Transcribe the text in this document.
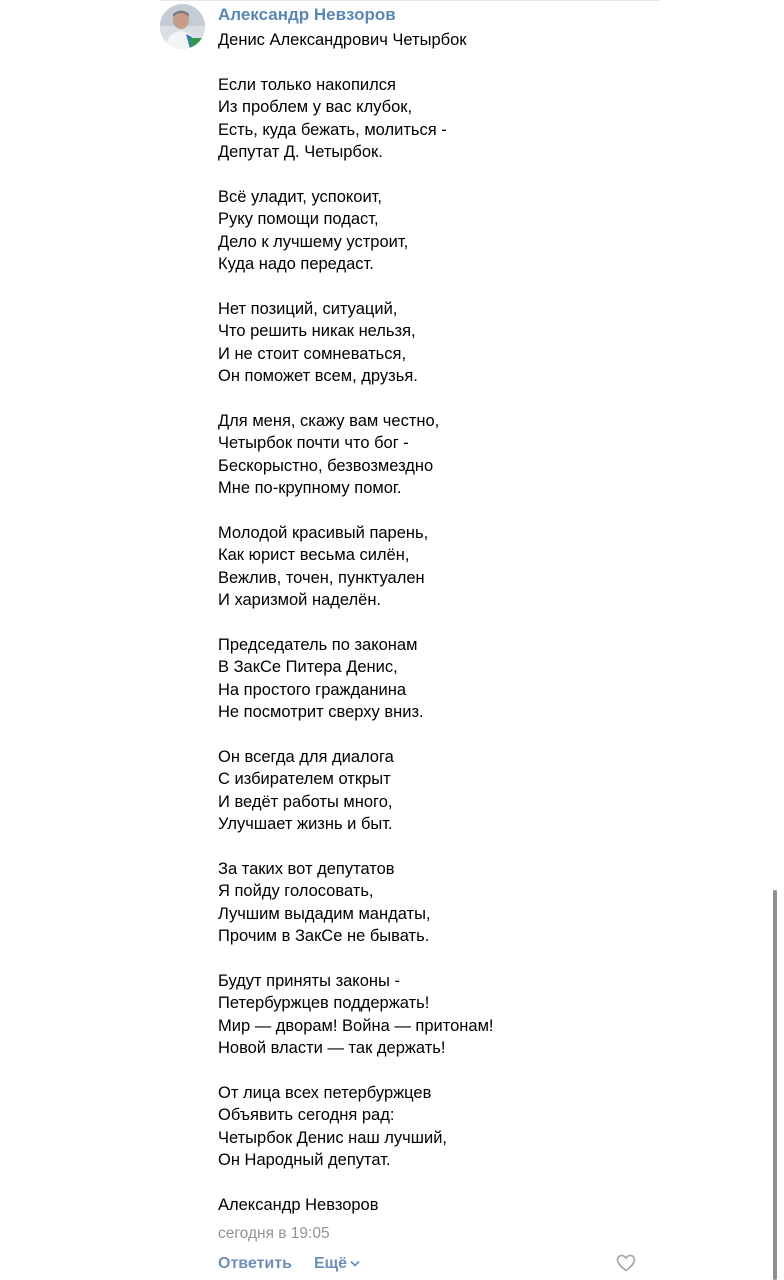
Александр Невзоров
Денис Александрович Четырбок
Если только накопился
Из проблем у вас клубок,
Есть, куда бежать, молиться -
Депутат Д. Четырбок.
Всё уладит, успокоит,
Руку помощи подаст,
Дело к лучшему устроит,
Куда надо передаст.
Нет позиций, ситуаций,
Что решить никак нельзя,
И не стоит сомневаться,
Он поможет всем, друзья.
Для меня, скажу вам честно,
Четырбок почти что бог -
Бескорыстно, безвозмездно
Мне по-крупному помог.
Молодой красивый парень,
Как юрист весьма силён,
Вежлив, точен, пунктуален
И харизмой наделён.
Председатель по законам
В ЗакСе Питера Денис,
На простого гражданина
Не посмотрит сверху вниз.
Он всегда для диалога
С избирателем открыт
И ведёт работы много,
Улучшает жизнь и быт.
За таких вот депутатов
Я пойду голосовать,
Лучшим выдадим мандаты,
Прочим в ЗакСе не бывать.
Будут приняты законы -
Петербуржцев поддержать!
Мир — дворам! Война — притонам!
Новой власти — так держать!
От лица всех петербуржцев
Объявить сегодня рад:
Четырбок Денис наш лучший,
Он Народный депутат.
Александр Невзоров
сегодня в 19:05
Ответить Ещё
